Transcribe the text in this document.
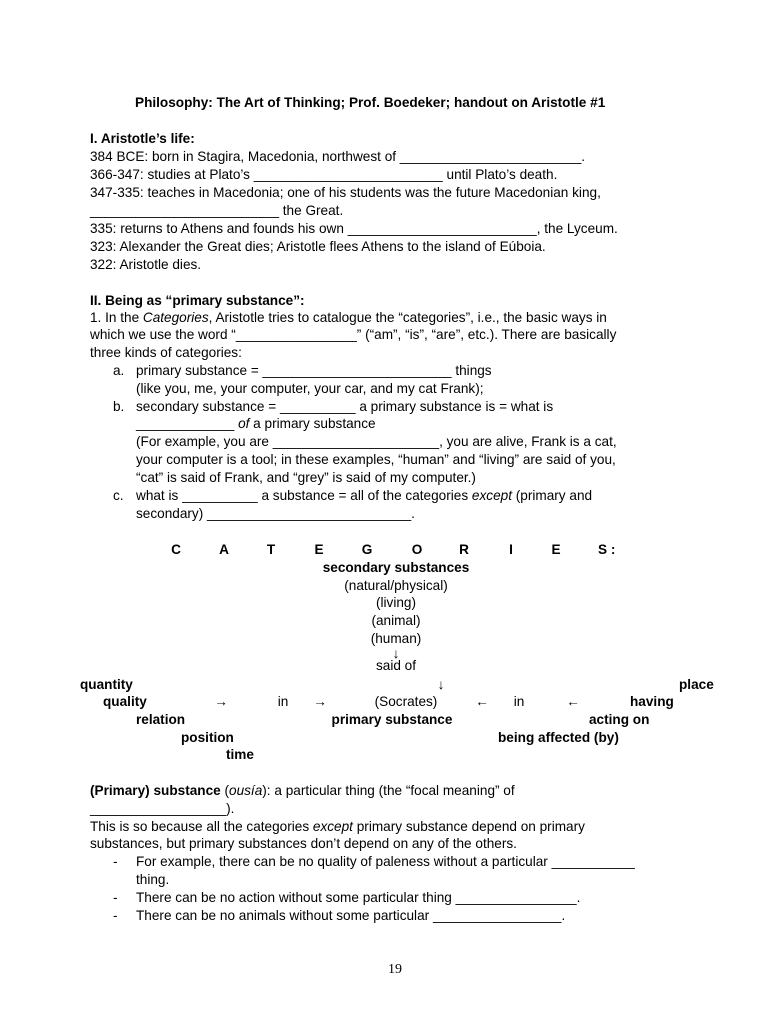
Philosophy: The Art of Thinking; Prof. Boedeker; handout on Aristotle #1
I. Aristotle’s life:
384 BCE: born in Stagira, Macedonia, northwest of ________________________.
366-347: studies at Plato’s _________________________ until Plato’s death.
347-335: teaches in Macedonia; one of his students was the future Macedonian king,
_________________________ the Great.
335: returns to Athens and founds his own _________________________, the Lyceum.
323: Alexander the Great dies; Aristotle flees Athens to the island of Eúboia.
322: Aristotle dies.
II. Being as “primary substance”:
1. In the Categories, Aristotle tries to catalogue the “categories”, i.e., the basic ways in
which we use the word “________________” (“am”, “is”, “are”, etc.). There are basically
three kinds of categories:
a. primary substance = _________________________ things
(like you, me, your computer, your car, and my cat Frank);
b. secondary substance = __________ a primary substance is = what is
_____________ of a primary substance
(For example, you are ______________________, you are alive, Frank is a cat,
your computer is a tool; in these examples, “human” and “living” are said of you,
“cat” is said of Frank, and “grey” is said of my computer.)
c. what is __________ a substance = all of the categories except (primary and
secondary) ___________________________.
C	A	T	E	G	O	R	I	E	S :
secondary substances
(natural/physical)
(living)
(animal)
(human)
↓
said of
quantity	↓	place
quality	→	in	→	(Socrates)	←	in	←	having
relation	primary substance	acting on
position	being affected (by)
time
(Primary) substance (ousía): a particular thing (the “focal meaning” of
__________________).
This is so because all the categories except primary substance depend on primary
substances, but primary substances don’t depend on any of the others.
- For example, there can be no quality of paleness without a particular ___________
thing.
- There can be no action without some particular thing ________________.
- There can be no animals without some particular _________________.
19
